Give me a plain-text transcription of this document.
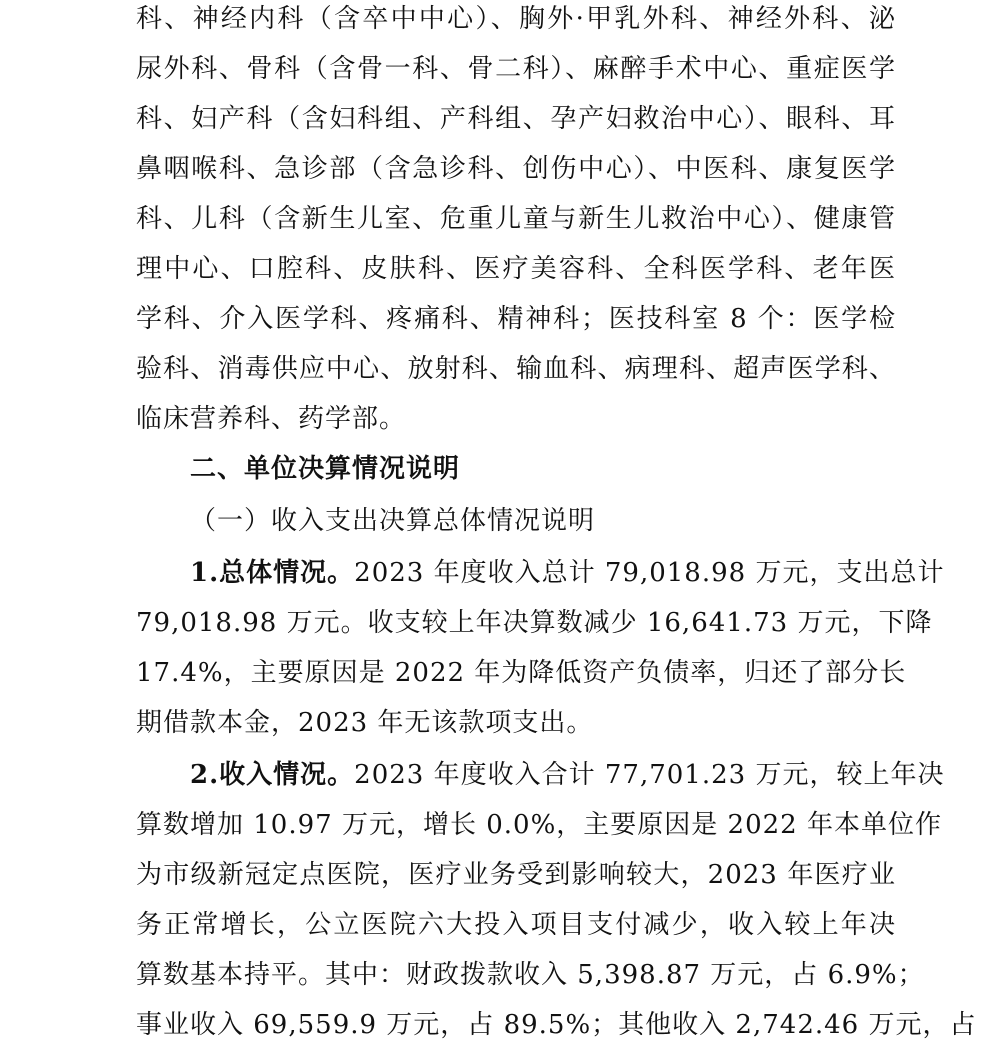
科、神经内科（含卒中中心）、胸外·甲乳外科、神经外科、泌
尿外科、骨科（含骨一科、骨二科）、麻醉手术中心、重症医学
科、妇产科（含妇科组、产科组、孕产妇救治中心）、眼科、耳
鼻咽喉科、急诊部（含急诊科、创伤中心）、中医科、康复医学
科、儿科（含新生儿室、危重儿童与新生儿救治中心）、健康管
理中心、口腔科、皮肤科、医疗美容科、全科医学科、老年医
学科、介入医学科、疼痛科、精神科；医技科室 8 个：医学检
验科、消毒供应中心、放射科、输血科、病理科、超声医学科、
临床营养科、药学部。
二、单位决算情况说明
（一）收入支出决算总体情况说明
1.总体情况。2023 年度收入总计 79,018.98 万元，支出总计
79,018.98 万元。收支较上年决算数减少 16,641.73 万元，下降
17.4%，主要原因是 2022 年为降低资产负债率，归还了部分长
期借款本金，2023 年无该款项支出。
2.收入情况。2023 年度收入合计 77,701.23 万元，较上年决
算数增加 10.97 万元，增长 0.0%，主要原因是 2022 年本单位作
为市级新冠定点医院，医疗业务受到影响较大，2023 年医疗业
务正常增长，公立医院六大投入项目支付减少，收入较上年决
算数基本持平。其中：财政拨款收入 5,398.87 万元，占 6.9%；
事业收入 69,559.9 万元，占 89.5%；其他收入 2,742.46 万元，占
